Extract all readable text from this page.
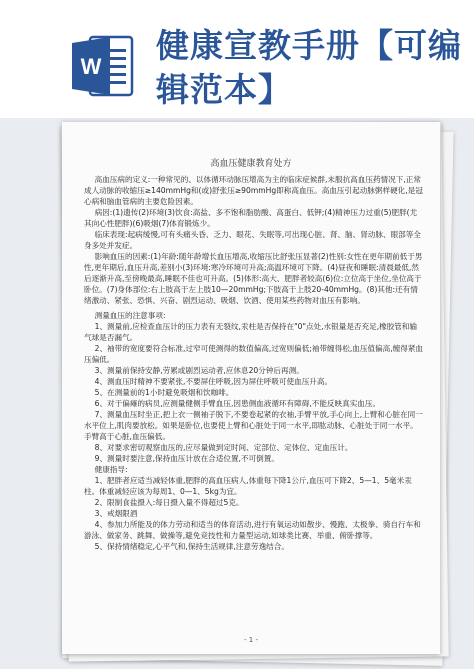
W
健康宣教手册【可编辑范本】
高血压健康教育处方

高血压病的定义:一种常见的、以体循环动脉压增高为主的临床症候群,未服抗高血压药情况下,正常成人动脉的收缩压≥140mmHg和(或)舒张压≥90mmHg即称高血压。高血压引起动脉粥样硬化,是冠心病和脑血管病的主要危险因素。

病因:(1)遗传(2)环境(3)饮食:高盐、多不饱和脂肪酸、高蛋白、低钾;(4)精神压力过重(5)肥胖(尤其向心性肥胖)(6)吸烟(7)体育锻炼少。

临床表现:起病缓慢,可有头痛头昏、乏力、眼花、失眠等,可出现心脏、肾、脑、肾动脉、眼部等全身多处并发症。

影响血压的因素:(1)年龄:随年龄增长血压增高,收缩压比舒张压显著(2)性别:女性在更年期前低于男性,更年期后,血压升高,差别小(3)环境:寒冷环境可升高;高温环境可下降。(4)昼夜和睡眠:清晨最低,然后逐渐升高,至傍晚最高,睡眠不佳也可升高。(5)体形:高大、肥胖者较高(6)位:立位高于坐位,坐位高于卧位。(7)身体部位:右上肢高于左上肢10—20mmHg;下肢高于上肢20-40mmHg。(8)其他:还有情绪激动、紧张、恐惧、兴奋、剧烈运动、吸烟、饮酒、使用某些药物对血压有影响。

测量血压的注意事项:

1、测量前,应检查血压计的压力表有无裂纹,汞柱是否保持在"0"点处,水银量是否充足,橡胶管和输气球是否漏气。

2、袖带的宽度要符合标准,过窄可使测得的数值偏高,过宽则偏低;袖带缠得松,血压值偏高,缠得紧血压偏低。

3、测量前保持安静,劳累或剧烈运动者,应休息20分钟后再测。

4、测血压时精神不要紧张,不要屏住呼吸,因为屏住呼吸可使血压升高。

5、在测量前的1小时避免吸烟和饮咖啡。

6、对于偏瘫的病员,应测量健侧手臂血压,因患侧血液循环有障碍,不能反映真实血压。

7、测量血压时坐正,把上衣一侧袖子脱下,不要卷起紧的衣袖,手臂平放,手心向上,上臂和心脏在同一水平位上,肌肉要放松。如果是卧位,也要使上臂和心脏处于同一水平,即肱动脉、心脏处于同一水平。手臂高于心脏,血压偏低。

8、对要求密切观察血压的,应尽量做到定时间、定部位、定体位、定血压计。

9、测量时要注意,保持血压计放在合适位置,不可倒置。

健康指导:

1、肥胖者应适当减轻体重,肥胖的高血压病人,体重每下降1公斤,血压可下降2、5—1、5毫米汞柱。体重减轻应该为每周1、0—1、5kg为宜。

2、限制食盐摄入:每日摄入量不得超过5克。

3、戒烟限酒

4、参加力所能及的体力劳动和适当的体育活动,进行有氧运动如散步、慢跑、太极拳、骑自行车和游泳、做家务、跳舞、做操等,避免竞技性和力量型运动,如球类比赛、举重、俯卧撑等。

5、保持情绪稳定,心平气和,保持生活规律,注意劳逸结合。

- 1 -
